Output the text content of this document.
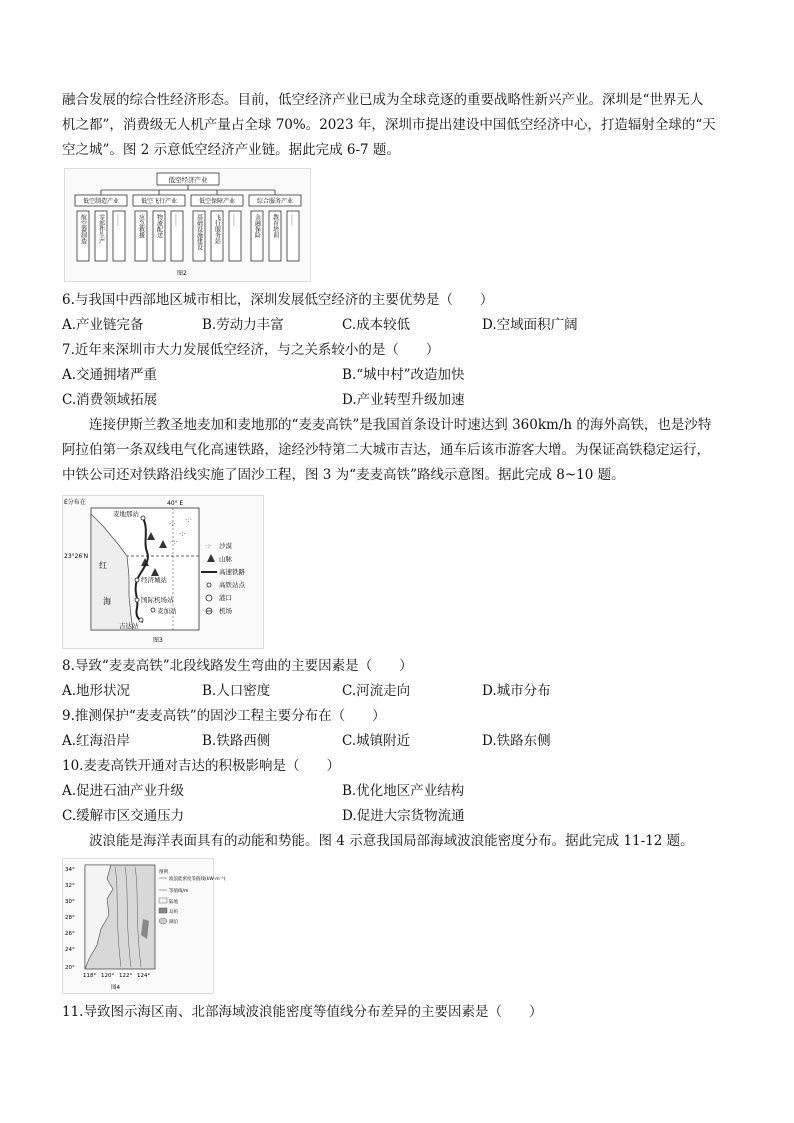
融合发展的综合性经济形态。目前，低空经济产业已成为全球竞逐的重要战略性新兴产业。深圳是“世界无人
机之都”，消费级无人机产量占全球 70%。2023 年，深圳市提出建设中国低空经济中心，打造辐射全球的“天
空之城”。图 2 示意低空经济产业链。据此完成 6-7 题。
低空经济产业
低空制造产业	低空飞行产业	低空保障产业	综合服务产业
航空器制造 零部件生产 ……	应急救援 物流配送 ……	基础设施建设 飞行服务站 ……	金融保险 教育培训 ……
图2
6.与我国中西部地区城市相比，深圳发展低空经济的主要优势是（　　）
A.产业链完备	B.劳动力丰富	C.成本较低	D.空域面积广阔
7.近年来深圳市大力发展低空经济，与之关系较小的是（　　）
A.交通拥堵严重	B.“城中村”改造加快
C.消费领域拓展	D.产业转型升级加速
　　连接伊斯兰教圣地麦加和麦地那的“麦麦高铁”是我国首条设计时速达到 360km/h 的海外高铁，也是沙特
阿拉伯第一条双线电气化高速铁路，途经沙特第二大城市吉达，通车后该市游客大增。为保证高铁稳定运行，
中铁公司还对铁路沿线实施了固沙工程，图 3 为“麦麦高铁”路线示意图。据此完成 8~10 题。
E分布在	40° E
23°26′N
红
海
·:·
·:·
·:·
·:·
麦地那站
经济城站
国际机场站
麦加站
吉达站
·:· 沙漠
山脉
高速铁路
高铁站点
港口
机场
图3
8.导致“麦麦高铁”北段线路发生弯曲的主要因素是（　　）
A.地形状况	B.人口密度	C.河流走向	D.城市分布
9.推测保护“麦麦高铁”的固沙工程主要分布在（　　）
A.红海沿岸	B.铁路西侧	C.城镇附近	D.铁路东侧
10.麦麦高铁开通对吉达的积极影响是（　　）
A.促进石油产业升级	B.优化地区产业结构
C.缓解市区交通压力	D.促进大宗货物流通
　　波浪能是海洋表面具有的动能和势能。图 4 示意我国局部海域波浪能密度分布。据此完成 11-12 题。
34°
32°
30°
28°
26°
24°
20°
118° 120° 122° 124°
图例
波浪能密度等值线(kW·m⁻¹)
等值线/m
陆地
岛屿
湖泊
图4
11.导致图示海区南、北部海域波浪能密度等值线分布差异的主要因素是（　　）
